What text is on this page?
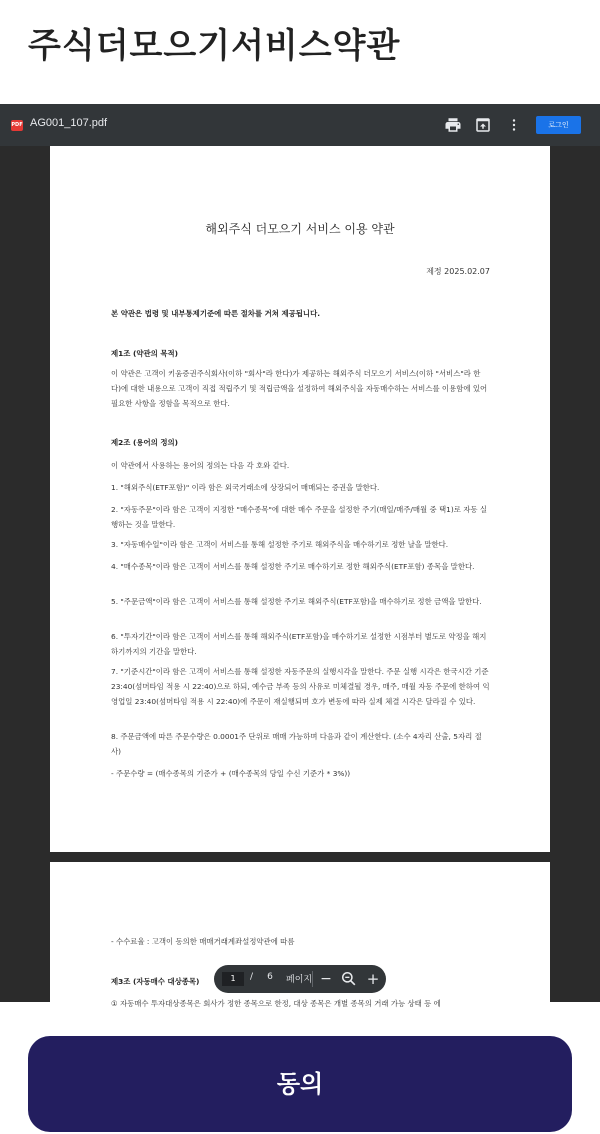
주식더모으기서비스약관
PDF AG001_107.pdf	로그인
해외주식 더모으기 서비스 이용 약관
제정 2025.02.07
본 약관은 법령 및 내부통제기준에 따른 절차를 거쳐 제공됩니다.
제1조 (약관의 목적)
이 약관은 고객이 키움증권주식회사(이하 "회사"라 한다)가 제공하는 해외주식 더모으기 서비스(이하 "서비스"라 한다)에 대한 내용으로 고객이 직접 적립주기 및 적립금액을 설정하여 해외주식을 자동매수하는 서비스를 이용함에 있어 필요한 사항을 정함을 목적으로 한다.
제2조 (용어의 정의)
이 약관에서 사용하는 용어의 정의는 다음 각 호와 같다.
1. "해외주식(ETF포함)" 이라 함은 외국거래소에 상장되어 매매되는 증권을 말한다.
2. "자동주문"이라 함은 고객이 지정한 "매수종목"에 대한 매수 주문을 설정한 주기(매일/매주/매월 중 택1)로 자동 실행하는 것을 말한다.
3. "자동매수일"이라 함은 고객이 서비스를 통해 설정한 주기로 해외주식을 매수하기로 정한 날을 말한다.
4. "매수종목"이라 함은 고객이 서비스를 통해 설정한 주기로 매수하기로 정한 해외주식(ETF포함) 종목을 말한다.
5. "주문금액"이라 함은 고객이 서비스를 통해 설정한 주기로 해외주식(ETF포함)을 매수하기로 정한 금액을 말한다.
6. "투자기간"이라 함은 고객이 서비스를 통해 해외주식(ETF포함)을 매수하기로 설정한 시점부터 별도로 약정을 해지하기까지의 기간을 말한다.
7. "기준시간"이라 함은 고객이 서비스를 통해 설정한 자동주문의 실행시각을 말한다. 주문 실행 시각은 한국시간 기준 23:40(섬머타임 적용 시 22:40)으로 하되, 예수금 부족 등의 사유로 미체결될 경우, 매주, 매월 자동 주문에 한하여 익영업일 23:40(섬머타임 적용 시 22:40)에 주문이 재실행되며 호가 변동에 따라 실제 체결 시각은 달라질 수 있다.
8. 주문금액에 따른 주문수량은 0.0001주 단위로 매매 가능하며 다음과 같이 계산한다. (소수 4자리 산출, 5자리 절사)
- 주문수량 = (매수종목의 기준가 + (매수종목의 당일 수신 기준가 * 3%))
- 수수료율 : 고객이 동의한 매매거래계좌설정약관에 따름
제3조 (자동매수 대상종목)
① 자동매수 투자대상종목은 회사가 정한 종목으로 한정, 대상 종목은 개별 종목의 거래 가능 상태 등 에
1	/	6	페이지 − +
동의
